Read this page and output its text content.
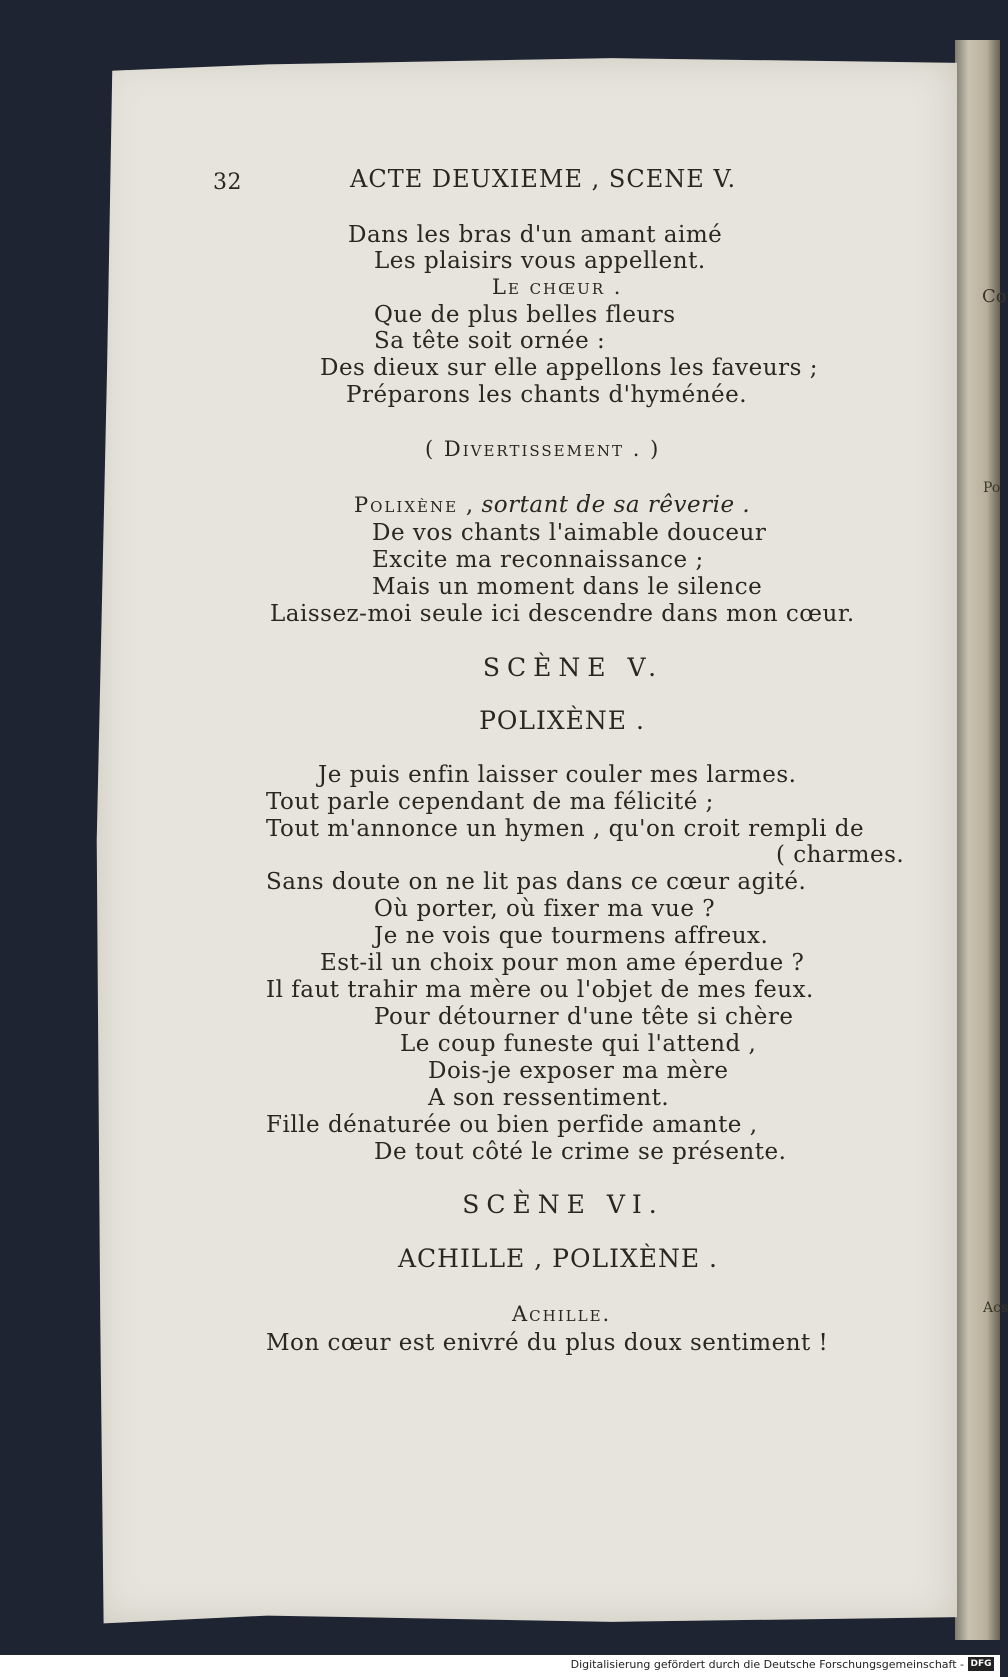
Co
Po
Acs
32	ACTE DEUXIEME , SCENE V.
Dans les bras d'un amant aimé
Les plaisirs vous appellent.
Le chœur .
Que de plus belles fleurs
Sa tête soit ornée :
Des dieux sur elle appellons les faveurs ;
Préparons les chants d'hyménée.
( Divertissement . )
Polixène , sortant de sa rêverie .
De vos chants l'aimable douceur
Excite ma reconnaissance ;
Mais un moment dans le silence
Laissez-moi seule ici descendre dans mon cœur.
SCÈNE V.
POLIXÈNE .
Je puis enfin laisser couler mes larmes.
Tout parle cependant de ma félicité ;
Tout m'annonce un hymen , qu'on croit rempli de
( charmes.
Sans doute on ne lit pas dans ce cœur agité.
Où porter, où fixer ma vue ?
Je ne vois que tourmens affreux.
Est-il un choix pour mon ame éperdue ?
Il faut trahir ma mère ou l'objet de mes feux.
Pour détourner d'une tête si chère
Le coup funeste qui l'attend ,
Dois-je exposer ma mère
A son ressentiment.
Fille dénaturée ou bien perfide amante ,
De tout côté le crime se présente.
SCÈNE VI.
ACHILLE , POLIXÈNE .
Achille.
Mon cœur est enivré du plus doux sentiment !
Digitalisierung gefördert durch die Deutsche Forschungsgemeinschaft - DFG
